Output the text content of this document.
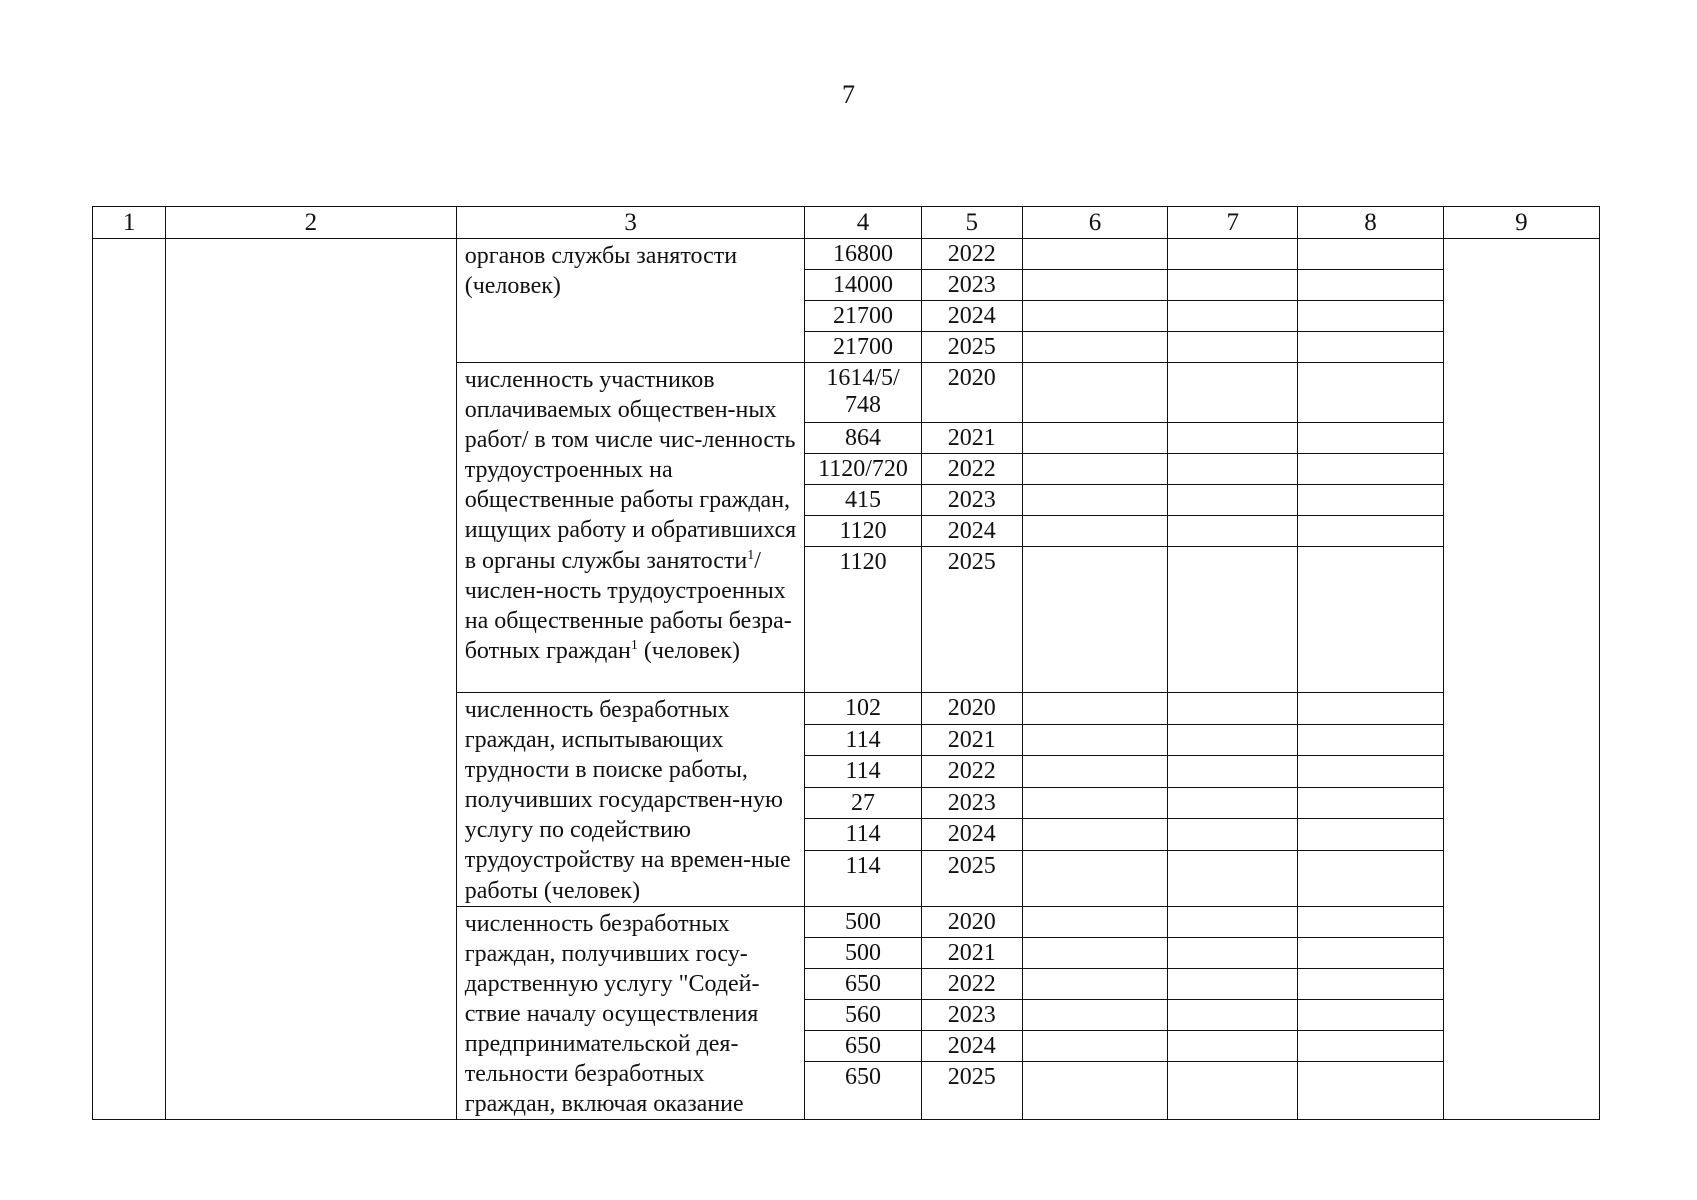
7
1	2	3	4	5	6	7	8	9
		органов службы занятости (человек)	16800	2022				
			14000	2023				
			21700	2024				
			21700	2025				
		численность участников оплачиваемых обществен-ных работ/ в том числе чис-ленность трудоустроенных на общественные работы граждан, ищущих работу и обратившихся в органы службы занятости$^1$/ числен-ность трудоустроенных на общественные работы безра-ботных граждан$^1$ (человек)	1614/5/ 748	2020				
			864	2021				
			1120/720	2022				
			415	2023				
			1120	2024				
			1120	2025				
		численность безработных граждан, испытывающих трудности в поиске работы, получивших государствен-ную услугу по содействию трудоустройству на времен-ные работы (человек)	102	2020				
			114	2021				
			114	2022				
			27	2023				
			114	2024				
			114	2025				
		численность безработных граждан, получивших госу-дарственную услугу "Содей-ствие началу осуществления предпринимательской дея-тельности безработных граждан, включая оказание	500	2020				
			500	2021				
			650	2022				
			560	2023				
			650	2024				
			650	2025				
